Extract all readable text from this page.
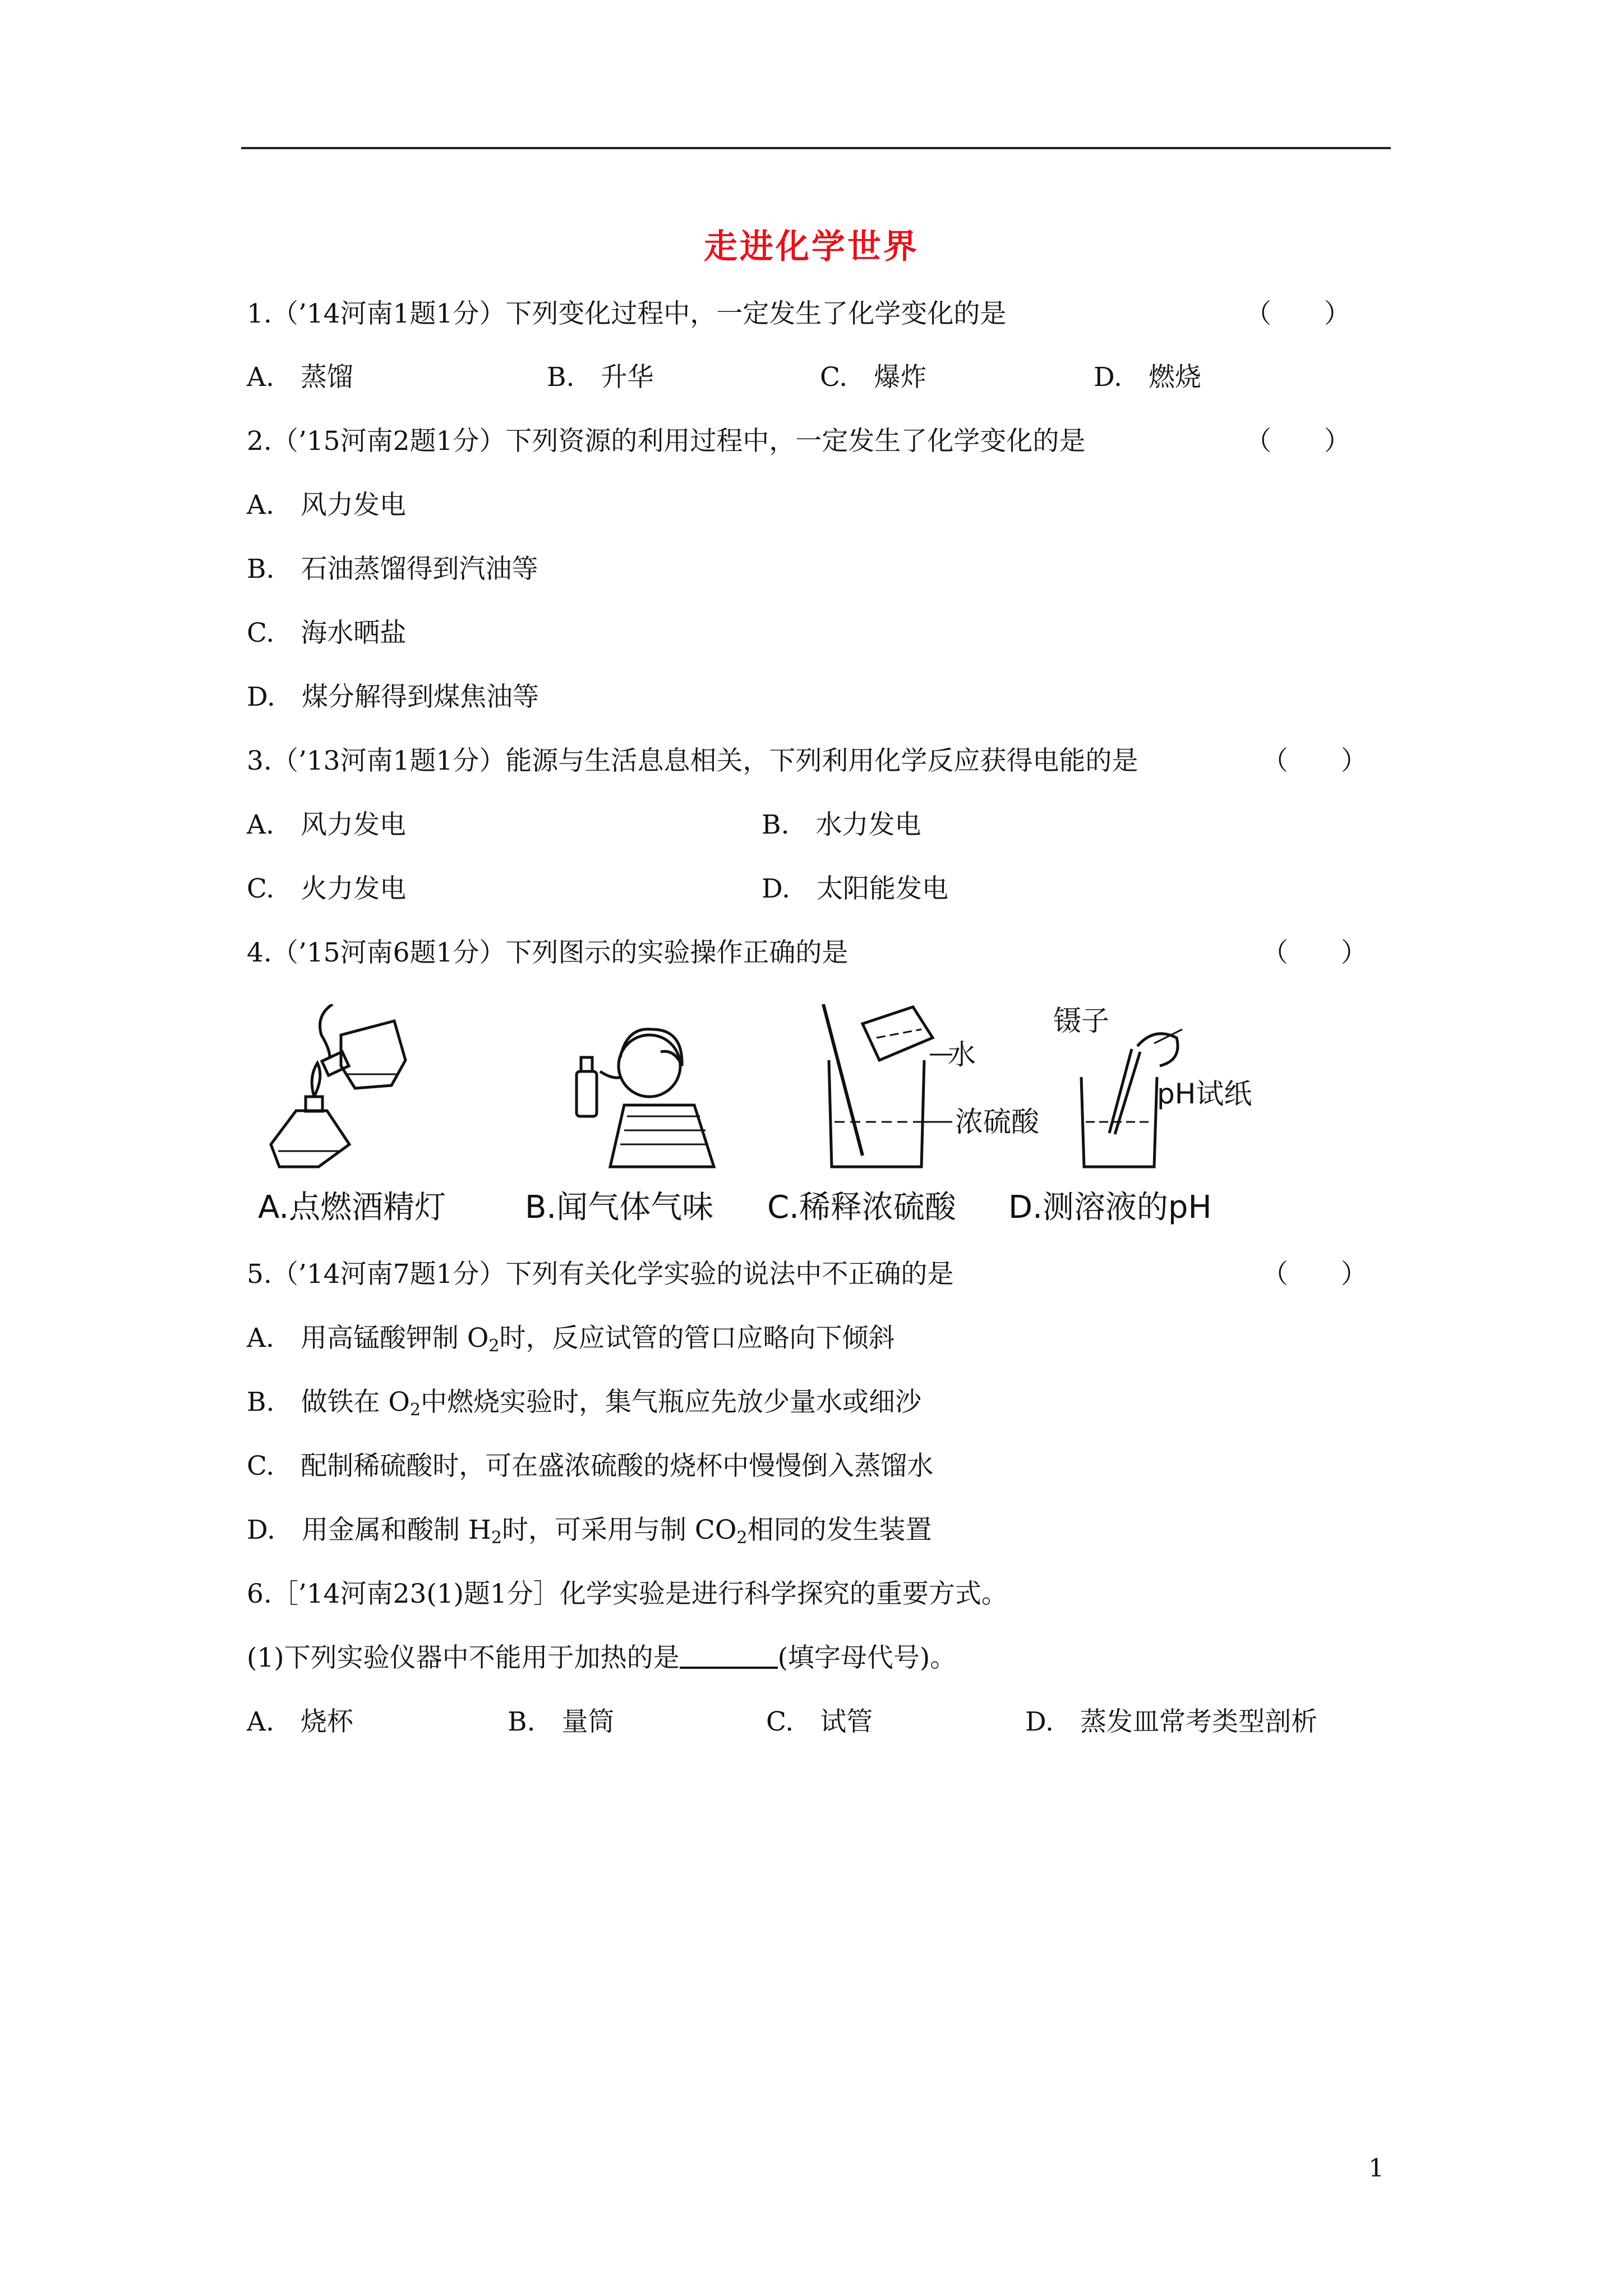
走进化学世界
1.（’14河南1题1分）下列变化过程中，一定发生了化学变化的是	（　　）
A.　蒸馏	B.　升华	C.　爆炸	D.　燃烧
2.（’15河南2题1分）下列资源的利用过程中，一定发生了化学变化的是	（　　）
A.　风力发电
B.　石油蒸馏得到汽油等
C.　海水晒盐
D.　煤分解得到煤焦油等
3.（’13河南1题1分）能源与生活息息相关，下列利用化学反应获得电能的是	（　　）
A.　风力发电	B.　水力发电
C.　火力发电	D.　太阳能发电
4.（’15河南6题1分）下列图示的实验操作正确的是	（　　）
水
浓硫酸
镊子
pH试纸
A.点燃酒精灯	B.闻气体气味 C.稀释浓硫酸 D.测溶液的pH
5.（’14河南7题1分）下列有关化学实验的说法中不正确的是	（　　）
A.　用高锰酸钾制 $O_2$时，反应试管的管口应略向下倾斜
B.　做铁在 $O_2$中燃烧实验时，集气瓶应先放少量水或细沙
C.　配制稀硫酸时，可在盛浓硫酸的烧杯中慢慢倒入蒸馏水
D.　用金属和酸制 $H_2$时，可采用与制 $CO_2$相同的发生装置
6.［’14河南23(1)题1分］化学实验是进行科学探究的重要方式。
(1)下列实验仪器中不能用于加热的是	(填字母代号)。
A.　烧杯	B.　量筒	C.　试管	D.　蒸发皿常考类型剖析
1
